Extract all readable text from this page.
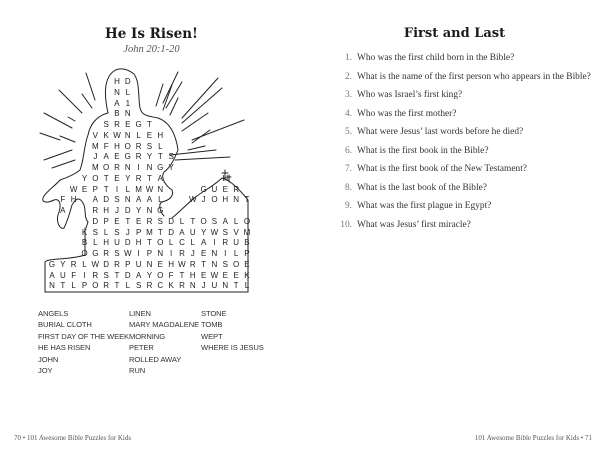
He Is Risen!
John 20:1-20
H D
N L
A 1
B N
S R E G T
V K W N L E H
M F H O R S L
J A E G R Y T S
M O R N I N G Y
Y O T E Y R T A	H
W E P T I L M W N	G U E R
F H A D S N A A L	W J O H N T
A	R H J D Y N G
D P E T E R S D L T O S A L O
K S L S J P M T D A U Y W S V M
B L H U D H T O L C L A I R U B
O G R S W I P N I R J E N I L P
G Y R L W D R P U N E H W R T N S O E
A U F I R S T D A Y O F T H E W E E K
N T L P O R T L S R C K R N J U N T L
ANGELS
BURIAL CLOTH
FIRST DAY OF THE WEEK
HE HAS RISEN
JOHN
JOY
LINEN
MARY MAGDALENE
MORNING
PETER
ROLLED AWAY
RUN
STONE
TOMB
WEPT
WHERE IS JESUS
70 • 101 Awesome Bible Puzzles for Kids
First and Last
1. Who was the first child born in the Bible?
2. What is the name of the first person who appears in the Bible?
3. Who was Israel’s first king?
4. Who was the first mother?
5. What were Jesus’ last words before he died?
6. What is the first book in the Bible?
7. What is the first book of the New Testament?
8. What is the last book of the Bible?
9. What was the first plague in Egypt?
10. What was Jesus’ first miracle?
101 Awesome Bible Puzzles for Kids • 71
